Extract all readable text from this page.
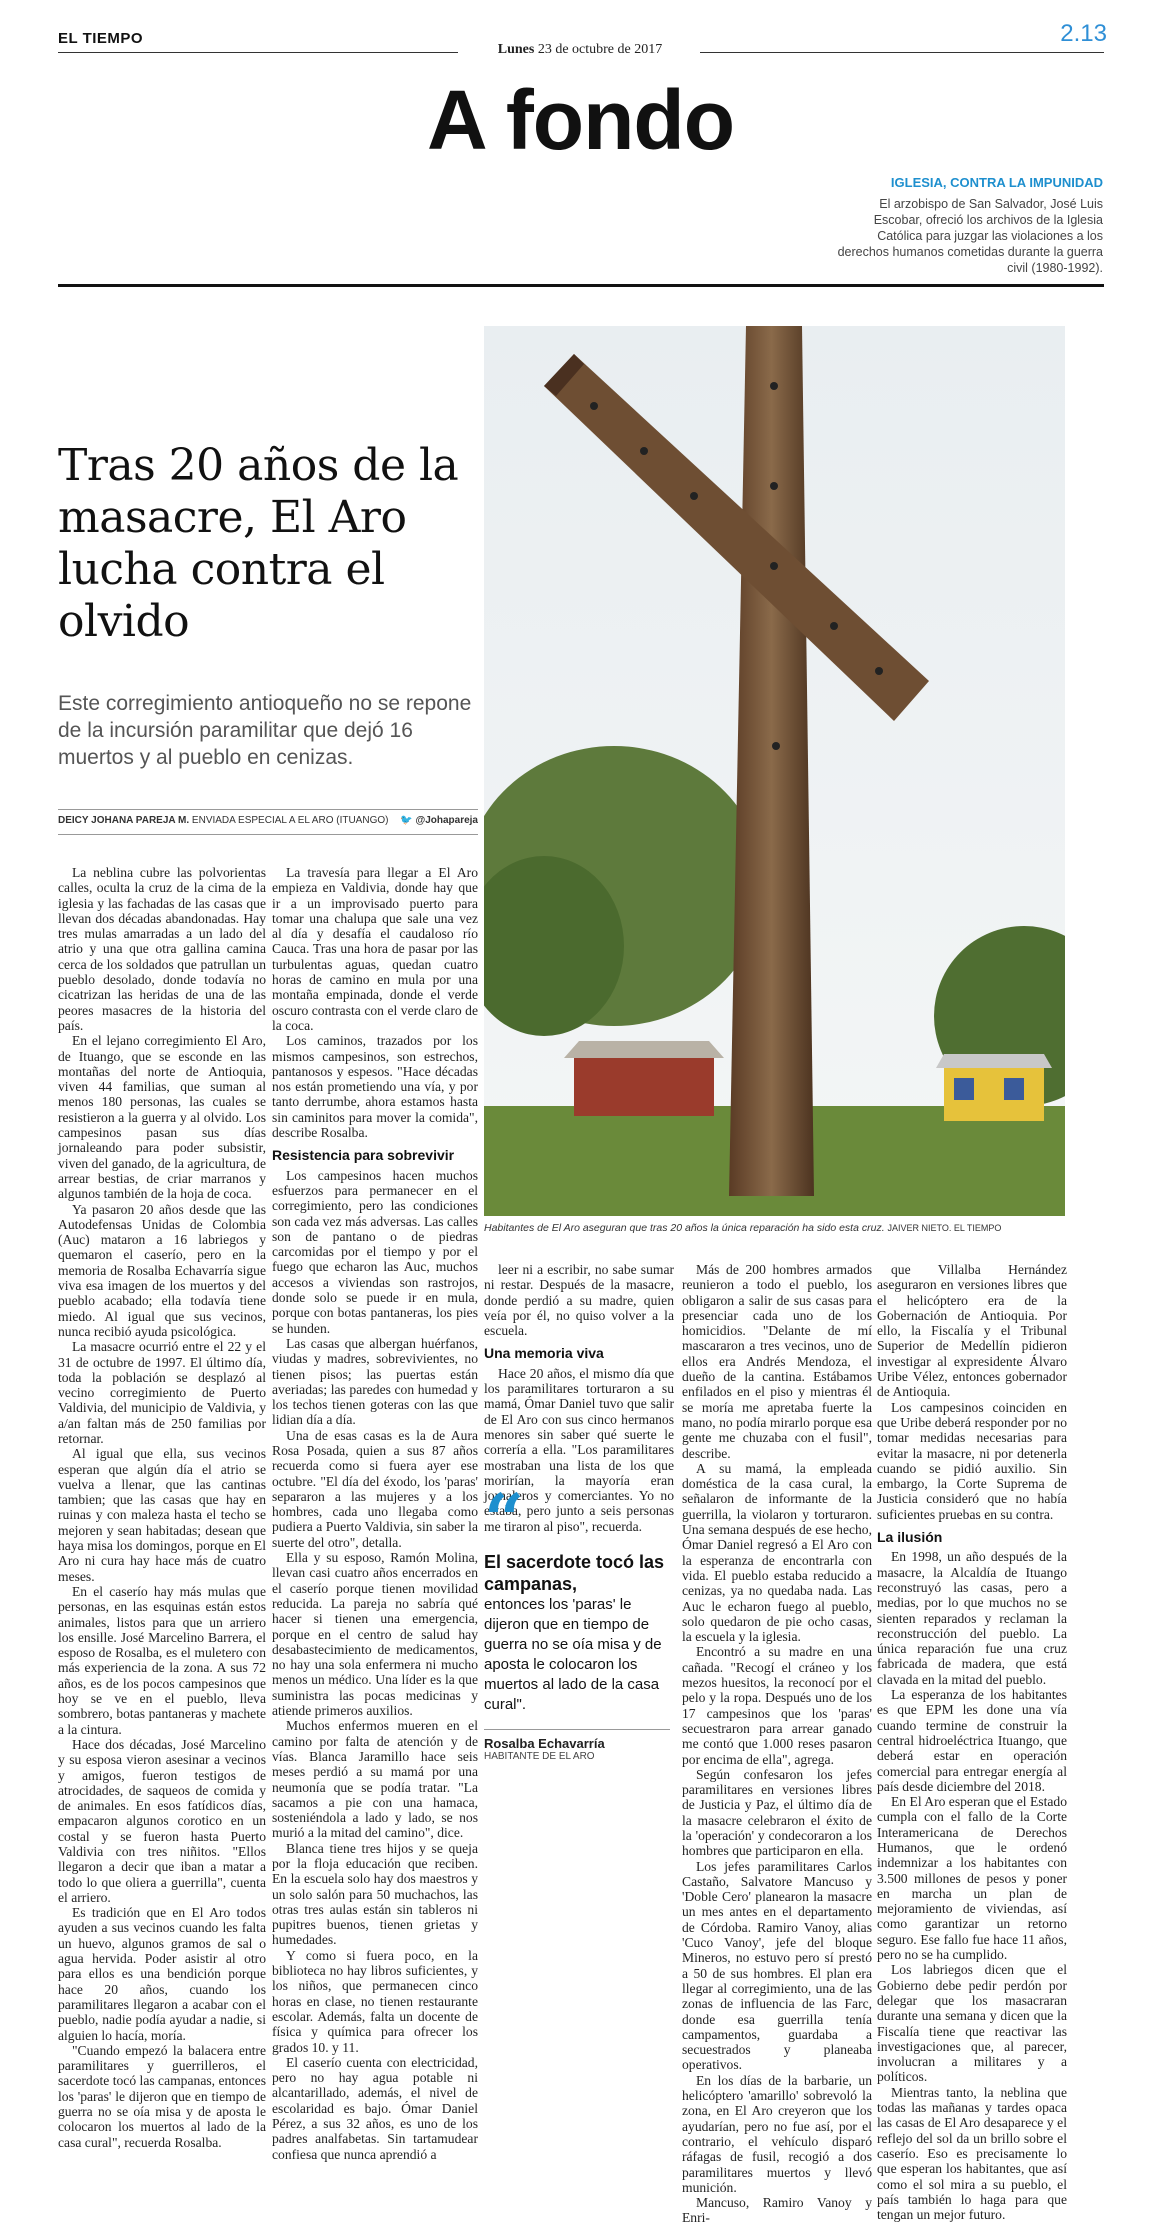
EL TIEMPO
Lunes 23 de octubre de 2017
2.13
A fondo
IGLESIA, CONTRA LA IMPUNIDAD
El arzobispo de San Salvador, José Luis Escobar, ofreció los archivos de la Iglesia Católica para juzgar las violaciones a los derechos humanos cometidas durante la guerra civil (1980-1992).
Tras 20 años de la masacre, El Aro lucha contra el olvido
Este corregimiento antioqueño no se repone de la incursión paramilitar que dejó 16 muertos y al pueblo en cenizas.
DEICY JOHANA PAREJA M. ENVIADA ESPECIAL A EL ARO (ITUANGO) 🐦 @Johapareja
Habitantes de El Aro aseguran que tras 20 años la única reparación ha sido esta cruz. JAIVER NIETO. EL TIEMPO

La neblina cubre las polvorientas calles, oculta la cruz de la cima de la iglesia y las fachadas de las casas que llevan dos décadas abandonadas. Hay tres mulas amarradas a un lado del atrio y una que otra gallina camina cerca de los soldados que patrullan un pueblo desolado, donde todavía no cicatrizan las heridas de una de las peores masacres de la historia del país.

En el lejano corregimiento El Aro, de Ituango, que se esconde en las montañas del norte de Antioquia, viven 44 familias, que suman al menos 180 personas, las cuales se resistieron a la guerra y al olvido. Los campesinos pasan sus días jornaleando para poder subsistir, viven del ganado, de la agricultura, de arrear bestias, de criar marranos y algunos también de la hoja de coca.

Ya pasaron 20 años desde que las Autodefensas Unidas de Colombia (Auc) mataron a 16 labriegos y quemaron el caserío, pero en la memoria de Rosalba Echavarría sigue viva esa imagen de los muertos y del pueblo acabado; ella todavía tiene miedo. Al igual que sus vecinos, nunca recibió ayuda psicológica.

La masacre ocurrió entre el 22 y el 31 de octubre de 1997. El último día, toda la población se desplazó al vecino corregimiento de Puerto Valdivia, del municipio de Valdivia, y a/an faltan más de 250 familias por retornar.

Al igual que ella, sus vecinos esperan que algún día el atrio se vuelva a llenar, que las cantinas tambien; que las casas que hay en ruinas y con maleza hasta el techo se mejoren y sean habitadas; desean que haya misa los domingos, porque en El Aro ni cura hay hace más de cuatro meses.

En el caserío hay más mulas que personas, en las esquinas están estos animales, listos para que un arriero los ensille. José Marcelino Barrera, el esposo de Rosalba, es el muletero con más experiencia de la zona. A sus 72 años, es de los pocos campesinos que hoy se ve en el pueblo, lleva sombrero, botas pantaneras y machete a la cintura.

Hace dos décadas, José Marcelino y su esposa vieron asesinar a vecinos y amigos, fueron testigos de atrocidades, de saqueos de comida y de animales. En esos fatídicos días, empacaron algunos corotico en un costal y se fueron hasta Puerto Valdivia con tres niñitos. "Ellos llegaron a decir que iban a matar a todo lo que oliera a guerrilla", cuenta el arriero.

Es tradición que en El Aro todos ayuden a sus vecinos cuando les falta un huevo, algunos gramos de sal o agua hervida. Poder asistir al otro para ellos es una bendición porque hace 20 años, cuando los paramilitares llegaron a acabar con el pueblo, nadie podía ayudar a nadie, si alguien lo hacía, moría.

"Cuando empezó la balacera entre paramilitares y guerrilleros, el sacerdote tocó las campanas, entonces los 'paras' le dijeron que en tiempo de guerra no se oía misa y de aposta le colocaron los muertos al lado de la casa cural", recuerda Rosalba.

La travesía para llegar a El Aro empieza en Valdivia, donde hay que ir a un improvisado puerto para tomar una chalupa que sale una vez al día y desafía el caudaloso río Cauca. Tras una hora de pasar por las turbulentas aguas, quedan cuatro horas de camino en mula por una montaña empinada, donde el verde oscuro contrasta con el verde claro de la coca.

Los caminos, trazados por los mismos campesinos, son estrechos, pantanosos y espesos. "Hace décadas nos están prometiendo una vía, y por tanto derrumbe, ahora estamos hasta sin caminitos para mover la comida", describe Rosalba.

Resistencia para sobrevivir

Los campesinos hacen muchos esfuerzos para permanecer en el corregimiento, pero las condiciones son cada vez más adversas. Las calles son de pantano o de piedras carcomidas por el tiempo y por el fuego que echaron las Auc, muchos accesos a viviendas son rastrojos, donde solo se puede ir en mula, porque con botas pantaneras, los pies se hunden.

Las casas que albergan huérfanos, viudas y madres, sobrevivientes, no tienen pisos; las puertas están averiadas; las paredes con humedad y los techos tienen goteras con las que lidian día a día.

Una de esas casas es la de Aura Rosa Posada, quien a sus 87 años recuerda como si fuera ayer ese octubre. "El día del éxodo, los 'paras' separaron a las mujeres y a los hombres, cada uno llegaba como pudiera a Puerto Valdivia, sin saber la suerte del otro", detalla.

Ella y su esposo, Ramón Molina, llevan casi cuatro años encerrados en el caserío porque tienen movilidad reducida. La pareja no sabría qué hacer si tienen una emergencia, porque en el centro de salud hay desabastecimiento de medicamentos, no hay una sola enfermera ni mucho menos un médico. Una líder es la que suministra las pocas medicinas y atiende primeros auxilios.

Muchos enfermos mueren en el camino por falta de atención y de vías. Blanca Jaramillo hace seis meses perdió a su mamá por una neumonía que se podía tratar. "La sacamos a pie con una hamaca, sosteniéndola a lado y lado, se nos murió a la mitad del camino", dice.

Blanca tiene tres hijos y se queja por la floja educación que reciben. En la escuela solo hay dos maestros y un solo salón para 50 muchachos, las otras tres aulas están sin tableros ni pupitres buenos, tienen grietas y humedades.

Y como si fuera poco, en la biblioteca no hay libros suficientes, y los niños, que permanecen cinco horas en clase, no tienen restaurante escolar. Además, falta un docente de física y química para ofrecer los grados 10. y 11.

El caserío cuenta con electricidad, pero no hay agua potable ni alcantarillado, además, el nivel de escolaridad es bajo. Ómar Daniel Pérez, a sus 32 años, es uno de los padres analfabetas. Sin tartamudear confiesa que nunca aprendió a

leer ni a escribir, no sabe sumar ni restar. Después de la masacre, donde perdió a su madre, quien veía por él, no quiso volver a la escuela.

Una memoria viva

Hace 20 años, el mismo día que los paramilitares torturaron a su mamá, Ómar Daniel tuvo que salir de El Aro con sus cinco hermanos menores sin saber qué suerte le correría a ella. "Los paramilitares mostraban una lista de los que morirían, la mayoría eran jornaleros y comerciantes. Yo no estaba, pero junto a seis personas me tiraron al piso", recuerda.

“
El sacerdote tocó las campanas,
entonces los 'paras' le dijeron que en tiempo de guerra no se oía misa y de aposta le colocaron los muertos al lado de la casa cural".
Rosalba Echavarría
HABITANTE DE EL ARO

Más de 200 hombres armados reunieron a todo el pueblo, los obligaron a salir de sus casas para presenciar cada uno de los homicidios. "Delante de mí mascararon a tres vecinos, uno de ellos era Andrés Mendoza, el dueño de la cantina. Estábamos enfilados en el piso y mientras él se moría me apretaba fuerte la mano, no podía mirarlo porque esa gente me chuzaba con el fusil", describe.

A su mamá, la empleada doméstica de la casa cural, la señalaron de informante de la guerrilla, la violaron y torturaron. Una semana después de ese hecho, Ómar Daniel regresó a El Aro con la esperanza de encontrarla con vida. El pueblo estaba reducido a cenizas, ya no quedaba nada. Las Auc le echaron fuego al pueblo, solo quedaron de pie ocho casas, la escuela y la iglesia.

Encontró a su madre en una cañada. "Recogí el cráneo y los mezos huesitos, la reconocí por el pelo y la ropa. Después uno de los 17 campesinos que los 'paras' secuestraron para arrear ganado me contó que 1.000 reses pasaron por encima de ella", agrega.

Según confesaron los jefes paramilitares en versiones libres de Justicia y Paz, el último día de la masacre celebraron el éxito de la 'operación' y condecoraron a los hombres que participaron en ella.

Los jefes paramilitares Carlos Castaño, Salvatore Mancuso y 'Doble Cero' planearon la masacre un mes antes en el departamento de Córdoba. Ramiro Vanoy, alias 'Cuco Vanoy', jefe del bloque Mineros, no estuvo pero sí prestó a 50 de sus hombres. El plan era llegar al corregimiento, una de las zonas de influencia de las Farc, donde esa guerrilla tenía campamentos, guardaba a secuestrados y planeaba operativos.

En los días de la barbarie, un helicóptero 'amarillo' sobrevoló la zona, en El Aro creyeron que los ayudarían, pero no fue así, por el contrario, el vehículo disparó ráfagas de fusil, recogió a dos paramilitares muertos y llevó munición.

Mancuso, Ramiro Vanoy y Enri-

que Villalba Hernández aseguraron en versiones libres que el helicóptero era de la Gobernación de Antioquia. Por ello, la Fiscalía y el Tribunal Superior de Medellín pidieron investigar al expresidente Álvaro Uribe Vélez, entonces gobernador de Antioquia.

Los campesinos coinciden en que Uribe deberá responder por no tomar medidas necesarias para evitar la masacre, ni por detenerla cuando se pidió auxilio. Sin embargo, la Corte Suprema de Justicia consideró que no había suficientes pruebas en su contra.

La ilusión

En 1998, un año después de la masacre, la Alcaldía de Ituango reconstruyó las casas, pero a medias, por lo que muchos no se sienten reparados y reclaman la reconstrucción del pueblo. La única reparación fue una cruz fabricada de madera, que está clavada en la mitad del pueblo.

La esperanza de los habitantes es que EPM les done una vía cuando termine de construir la central hidroeléctrica Ituango, que deberá estar en operación comercial para entregar energía al país desde diciembre del 2018.

En El Aro esperan que el Estado cumpla con el fallo de la Corte Interamericana de Derechos Humanos, que le ordenó indemnizar a los habitantes con 3.500 millones de pesos y poner en marcha un plan de mejoramiento de viviendas, así como garantizar un retorno seguro. Ese fallo fue hace 11 años, pero no se ha cumplido.

Los labriegos dicen que el Gobierno debe pedir perdón por delegar que los masacraran durante una semana y dicen que la Fiscalía tiene que reactivar las investigaciones que, al parecer, involucran a militares y a políticos.

Mientras tanto, la neblina que todas las mañanas y tardes opaca las casas de El Aro desaparece y el reflejo del sol da un brillo sobre el caserío. Eso es precisamente lo que esperan los habitantes, que así como el sol mira a su pueblo, el país también lo haga para que tengan un mejor futuro.
